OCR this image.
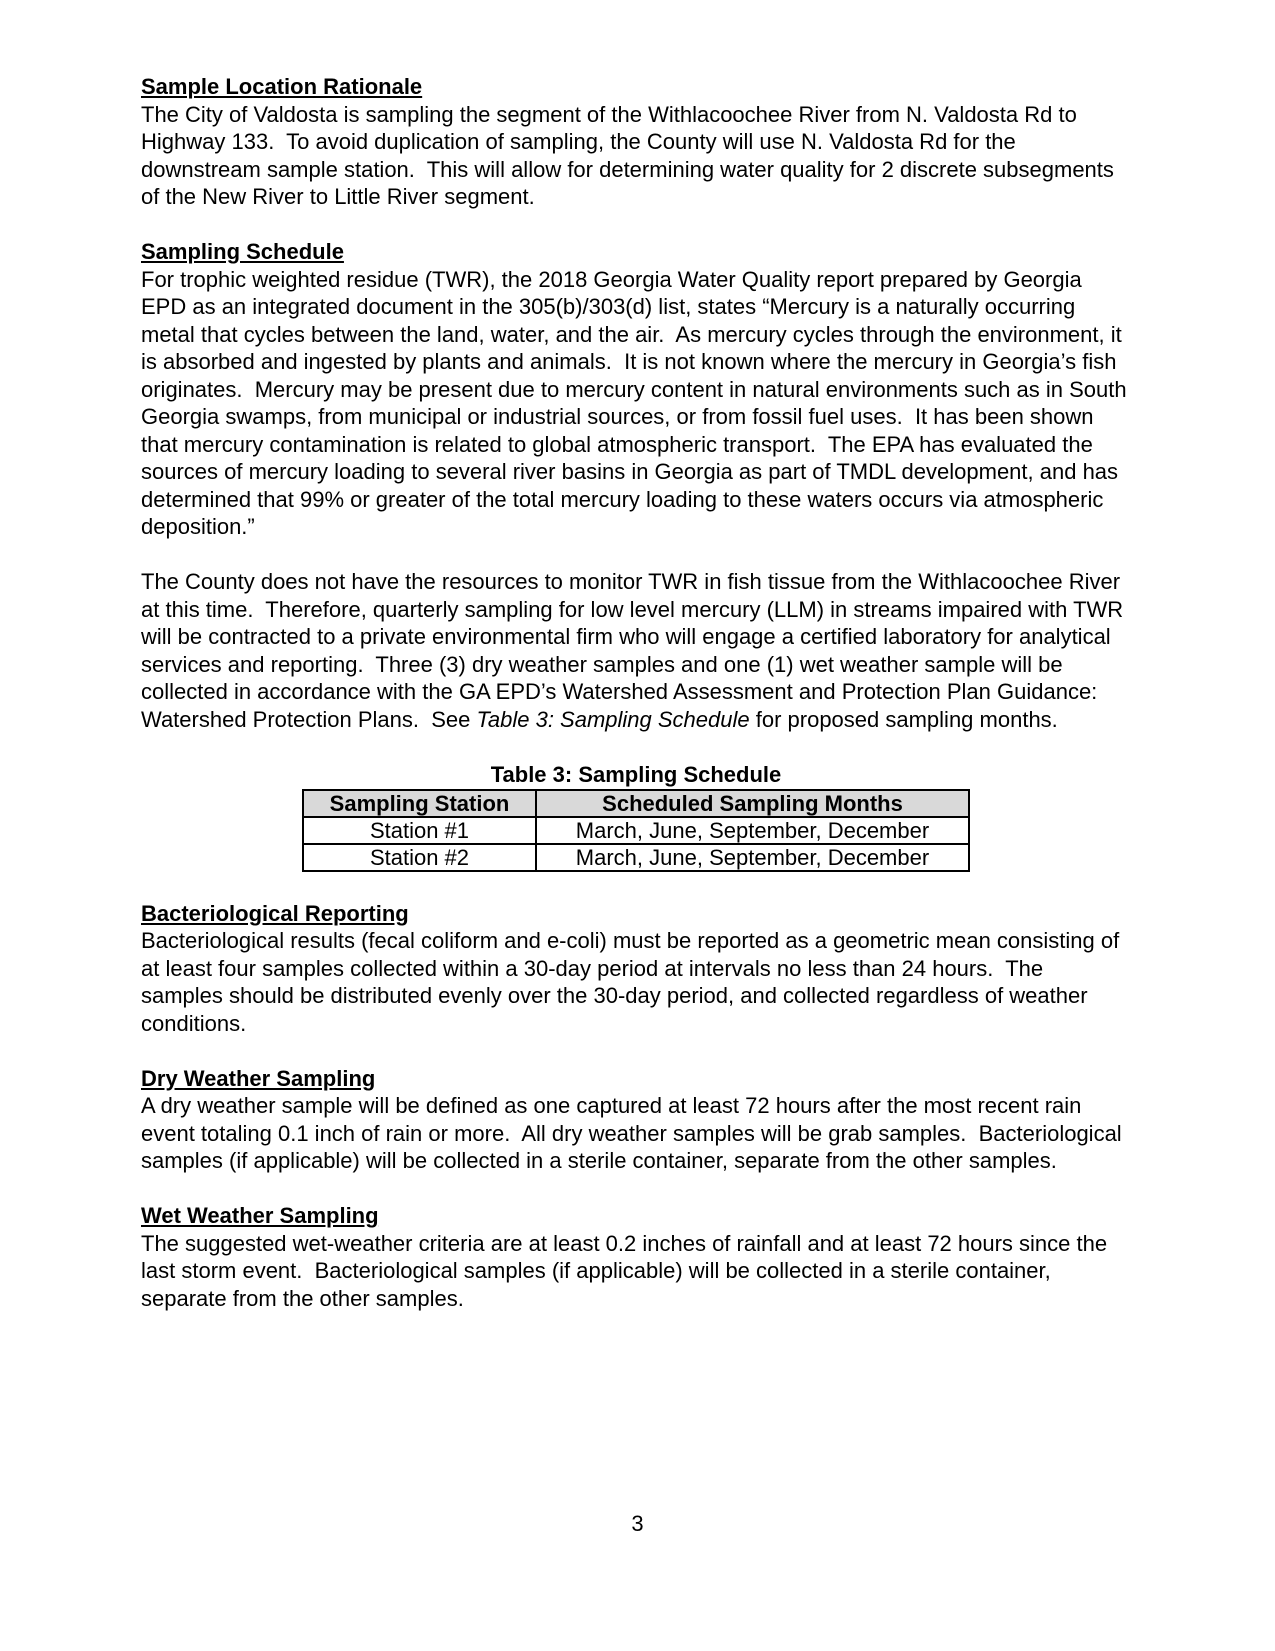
Sample Location Rationale

The City of Valdosta is sampling the segment of the Withlacoochee River from N. Valdosta Rd to Highway 133.  To avoid duplication of sampling, the County will use N. Valdosta Rd for the downstream sample station.  This will allow for determining water quality for 2 discrete subsegments of the New River to Little River segment.

Sampling Schedule

For trophic weighted residue (TWR), the 2018 Georgia Water Quality report prepared by Georgia EPD as an integrated document in the 305(b)/303(d) list, states “Mercury is a naturally occurring metal that cycles between the land, water, and the air.  As mercury cycles through the environment, it is absorbed and ingested by plants and animals.  It is not known where the mercury in Georgia’s fish originates.  Mercury may be present due to mercury content in natural environments such as in South Georgia swamps, from municipal or industrial sources, or from fossil fuel uses.  It has been shown that mercury contamination is related to global atmospheric transport.  The EPA has evaluated the sources of mercury loading to several river basins in Georgia as part of TMDL development, and has determined that 99% or greater of the total mercury loading to these waters occurs via atmospheric deposition.”

The County does not have the resources to monitor TWR in fish tissue from the Withlacoochee River at this time.  Therefore, quarterly sampling for low level mercury (LLM) in streams impaired with TWR will be contracted to a private environmental firm who will engage a certified laboratory for analytical services and reporting.  Three (3) dry weather samples and one (1) wet weather sample will be collected in accordance with the GA EPD’s Watershed Assessment and Protection Plan Guidance: Watershed Protection Plans.  See Table 3: Sampling Schedule for proposed sampling months.

Table 3: Sampling Schedule
Sampling Station	Scheduled Sampling Months
Station #1	March, June, September, December
Station #2	March, June, September, December
Bacteriological Reporting

Bacteriological results (fecal coliform and e-coli) must be reported as a geometric mean consisting of at least four samples collected within a 30-day period at intervals no less than 24 hours.  The samples should be distributed evenly over the 30-day period, and collected regardless of weather conditions.

Dry Weather Sampling

A dry weather sample will be defined as one captured at least 72 hours after the most recent rain event totaling 0.1 inch of rain or more.  All dry weather samples will be grab samples.  Bacteriological samples (if applicable) will be collected in a sterile container, separate from the other samples.

Wet Weather Sampling

The suggested wet-weather criteria are at least 0.2 inches of rainfall and at least 72 hours since the last storm event.  Bacteriological samples (if applicable) will be collected in a sterile container, separate from the other samples.

3
